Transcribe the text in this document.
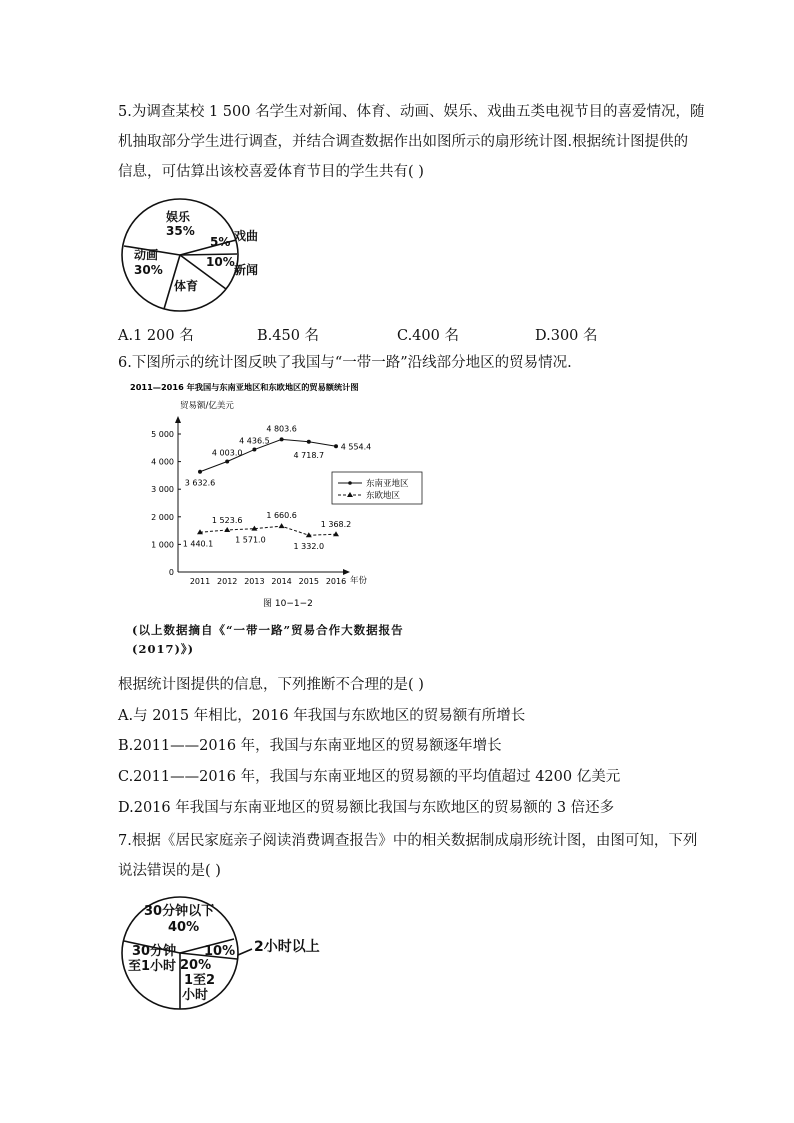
5.为调查某校 1 500 名学生对新闻、体育、动画、娱乐、戏曲五类电视节目的喜爱情况，随
机抽取部分学生进行调查，并结合调查数据作出如图所示的扇形统计图.根据统计图提供的
信息，可估算出该校喜爱体育节目的学生共有( )
娱乐
35%
动画
30%
体育
5% 戏曲
10%
新闻
A.1 200 名	B.450 名	C.400 名	D.300 名
6.下图所示的统计图反映了我国与“一带一路”沿线部分地区的贸易情况.
2011—2016 年我国与东南亚地区和东欧地区的贸易额统计图
贸易额/亿美元
年份
0
1 000
2 000
3 000
4 000
5 000
2011 2012 2013 2014 2015 2016
3 632.6
4 003.0
4 436.5
4 803.6
4 718.7
4 554.4
1 440.1
1 523.6
1 571.0
1 660.6
1 332.0
1 368.2
东南亚地区
东欧地区
图 10−1−2
(以上数据摘自《“一带一路”贸易合作大数据报告
(2017)》)
根据统计图提供的信息，下列推断不合理的是( )
A.与 2015 年相比，2016 年我国与东欧地区的贸易额有所增长
B.2011——2016 年，我国与东南亚地区的贸易额逐年增长
C.2011——2016 年，我国与东南亚地区的贸易额的平均值超过 4200 亿美元
D.2016 年我国与东南亚地区的贸易额比我国与东欧地区的贸易额的 3 倍还多
7.根据《居民家庭亲子阅读消费调查报告》中的相关数据制成扇形统计图，由图可知，下列
说法错误的是( )
30分钟以下
40%
30分钟
至1小时 20%
1至2
小时
10% 2小时以上
